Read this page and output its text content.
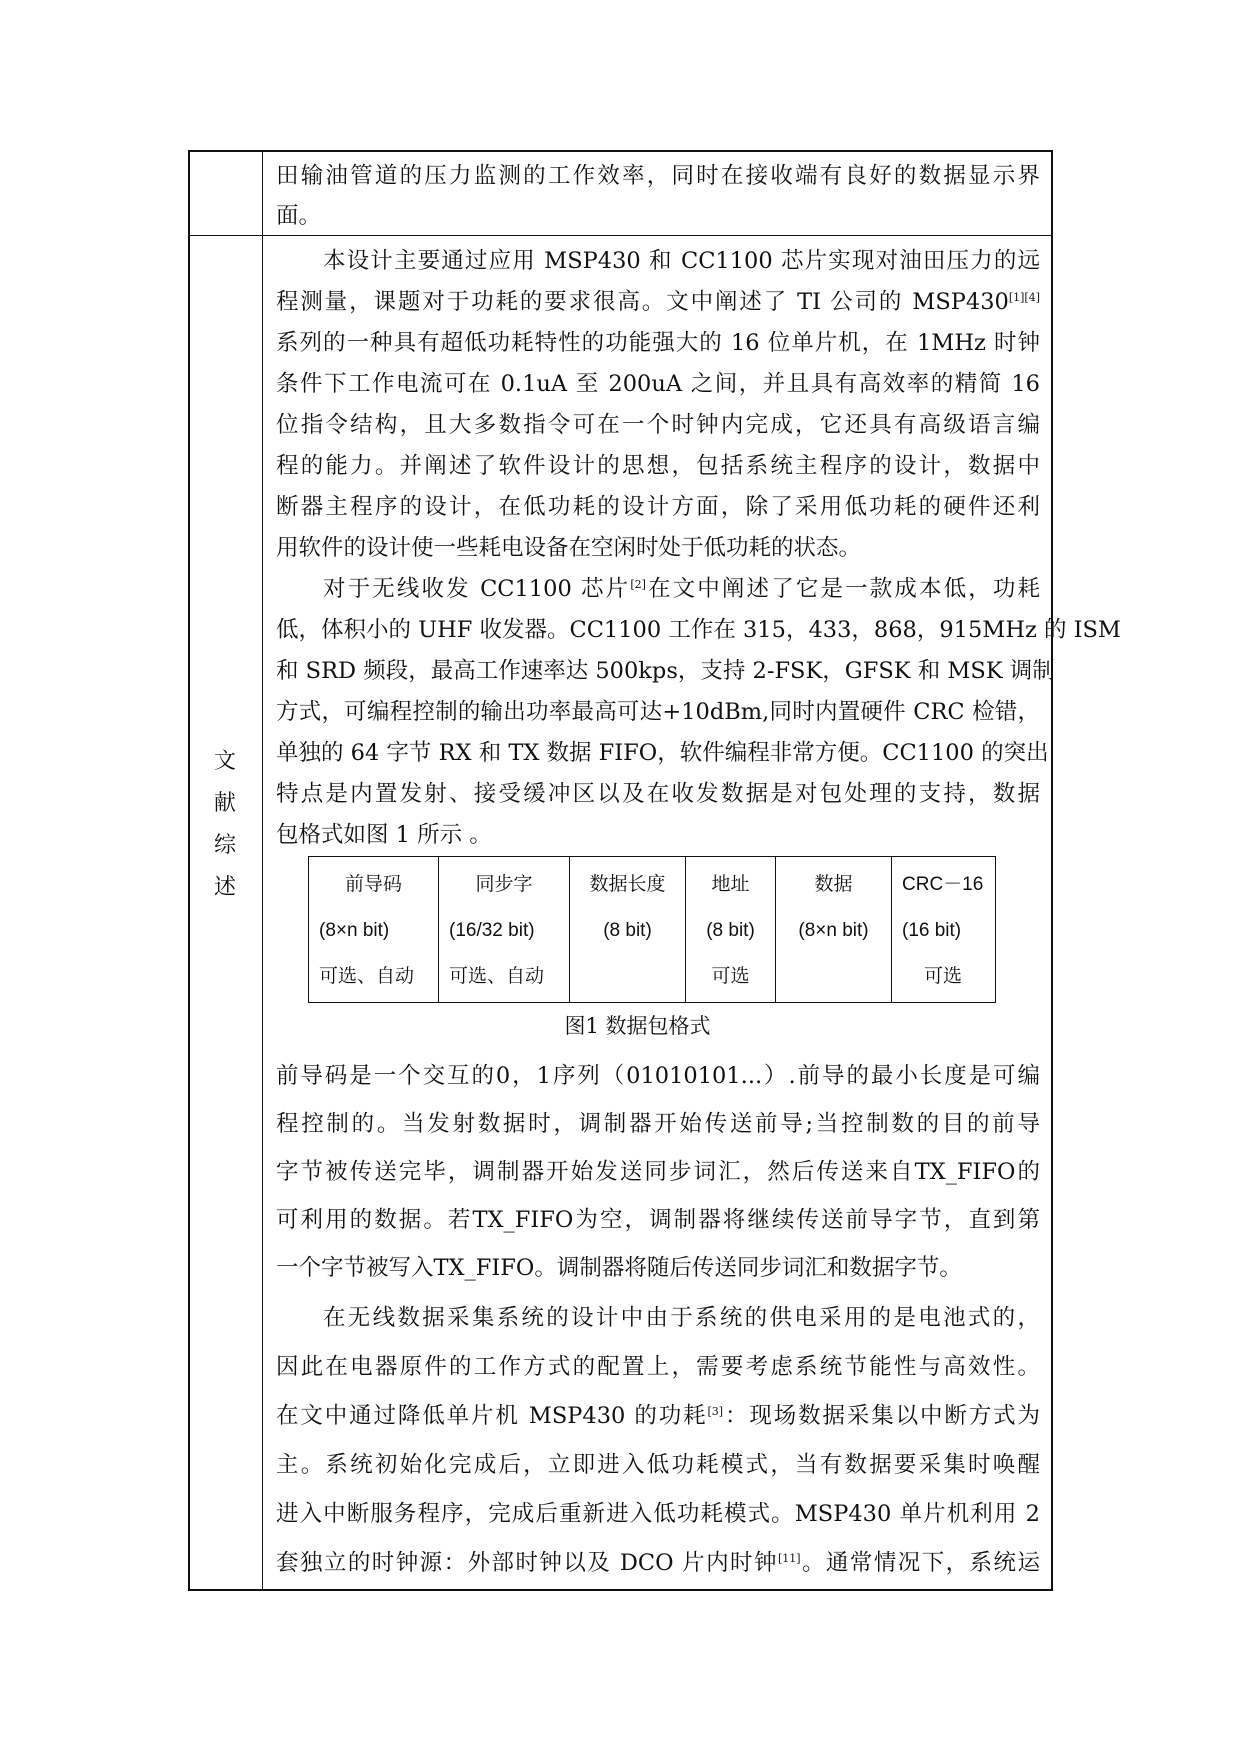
文
献
综
述
田输油管道的压力监测的工作效率，同时在接收端有良好的数据显示界
面。
本设计主要通过应用 MSP430 和 CC1100 芯片实现对油田压力的远
程测量，课题对于功耗的要求很高。文中阐述了 TI 公司的 MSP430[1][4]
系列的一种具有超低功耗特性的功能强大的 16 位单片机，在 1MHz 时钟
条件下工作电流可在 0.1uA 至 200uA 之间，并且具有高效率的精简 16
位指令结构，且大多数指令可在一个时钟内完成，它还具有高级语言编
程的能力。并阐述了软件设计的思想，包括系统主程序的设计，数据中
断器主程序的设计，在低功耗的设计方面，除了采用低功耗的硬件还利
用软件的设计使一些耗电设备在空闲时处于低功耗的状态。
对于无线收发 CC1100 芯片[2]在文中阐述了它是一款成本低，功耗
低，体积小的 UHF 收发器。CC1100 工作在 315，433，868，915MHz 的 ISM
和 SRD 频段，最高工作速率达 500kps，支持 2-FSK，GFSK 和 MSK 调制
方式，可编程控制的输出功率最高可达+10dBm,同时内置硬件 CRC 检错，
单独的 64 字节 RX 和 TX 数据 FIFO，软件编程非常方便。CC1100 的突出
特点是内置发射、接受缓冲区以及在收发数据是对包处理的支持，数据
包格式如图 1 所示 。
前导码
(8×n bit)
可选、自动
同步字
(16/32 bit)
可选、自动
数据长度
(8 bit)
地址
(8 bit)
可选
数据
(8×n bit)
CRC－16
(16 bit)
可选
图1 数据包格式
前导码是一个交互的0，1序列（01010101...）.前导的最小长度是可编
程控制的。当发射数据时，调制器开始传送前导;当控制数的目的前导
字节被传送完毕，调制器开始发送同步词汇，然后传送来自TX_FIFO的
可利用的数据。若TX_FIFO为空，调制器将继续传送前导字节，直到第
一个字节被写入TX_FIFO。调制器将随后传送同步词汇和数据字节。
在无线数据采集系统的设计中由于系统的供电采用的是电池式的，
因此在电器原件的工作方式的配置上，需要考虑系统节能性与高效性。
在文中通过降低单片机 MSP430 的功耗[3]：现场数据采集以中断方式为
主。系统初始化完成后，立即进入低功耗模式，当有数据要采集时唤醒
进入中断服务程序，完成后重新进入低功耗模式。MSP430 单片机利用 2
套独立的时钟源：外部时钟以及 DCO 片内时钟[11]。通常情况下，系统运
